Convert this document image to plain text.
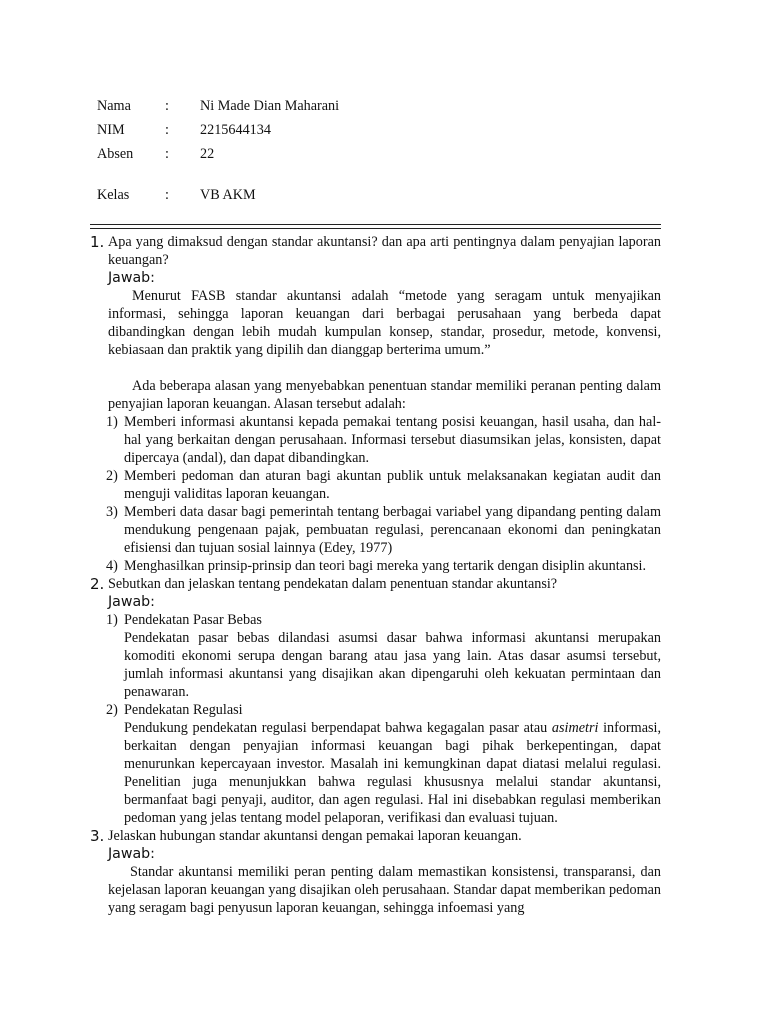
Nama	:	Ni Made Dian Maharani
NIM	:	2215644134

Absen	:	22
Kelas	:	VB AKM
1. Apa yang dimaksud dengan standar akuntansi? dan apa arti pentingnya dalam penyajian laporan keuangan?
Jawab:

Menurut FASB standar akuntansi adalah “metode yang seragam untuk menyajikan informasi, sehingga laporan keuangan dari berbagai perusahaan yang berbeda dapat dibandingkan dengan lebih mudah kumpulan konsep, standar, prosedur, metode, konvensi, kebiasaan dan praktik yang dipilih dan dianggap berterima umum.”

Ada beberapa alasan yang menyebabkan penentuan standar memiliki peranan penting dalam penyajian laporan keuangan. Alasan tersebut adalah:

1) Memberi informasi akuntansi kepada pemakai tentang posisi keuangan, hasil usaha, dan hal-hal yang berkaitan dengan perusahaan. Informasi tersebut diasumsikan jelas, konsisten, dapat dipercaya (andal), dan dapat dibandingkan.
2) Memberi pedoman dan aturan bagi akuntan publik untuk melaksanakan kegiatan audit dan menguji validitas laporan keuangan.
3) Memberi data dasar bagi pemerintah tentang berbagai variabel yang dipandang penting dalam mendukung pengenaan pajak, pembuatan regulasi, perencanaan ekonomi dan peningkatan efisiensi dan tujuan sosial lainnya (Edey, 1977)
4) Menghasilkan prinsip-prinsip dan teori bagi mereka yang tertarik dengan disiplin akuntansi.
2. Sebutkan dan jelaskan tentang pendekatan dalam penentuan standar akuntansi?
Jawab:
1) Pendekatan Pasar Bebas

Pendekatan pasar bebas dilandasi asumsi dasar bahwa informasi akuntansi merupakan komoditi ekonomi serupa dengan barang atau jasa yang lain. Atas dasar asumsi tersebut, jumlah informasi akuntansi yang disajikan akan dipengaruhi oleh kekuatan permintaan dan penawaran.

2) Pendekatan Regulasi

Pendukung pendekatan regulasi berpendapat bahwa kegagalan pasar atau asimetri informasi, berkaitan dengan penyajian informasi keuangan bagi pihak berkepentingan, dapat menurunkan kepercayaan investor. Masalah ini kemungkinan dapat diatasi melalui regulasi. Penelitian juga menunjukkan bahwa regulasi khususnya melalui standar akuntansi, bermanfaat bagi penyaji, auditor, dan agen regulasi. Hal ini disebabkan regulasi memberikan pedoman yang jelas tentang model pelaporan, verifikasi dan evaluasi tujuan.

3. Jelaskan hubungan standar akuntansi dengan pemakai laporan keuangan.
Jawab:

Standar akuntansi memiliki peran penting dalam memastikan konsistensi, transparansi, dan kejelasan laporan keuangan yang disajikan oleh perusahaan. Standar dapat memberikan pedoman yang seragam bagi penyusun laporan keuangan, sehingga infoemasi yang
